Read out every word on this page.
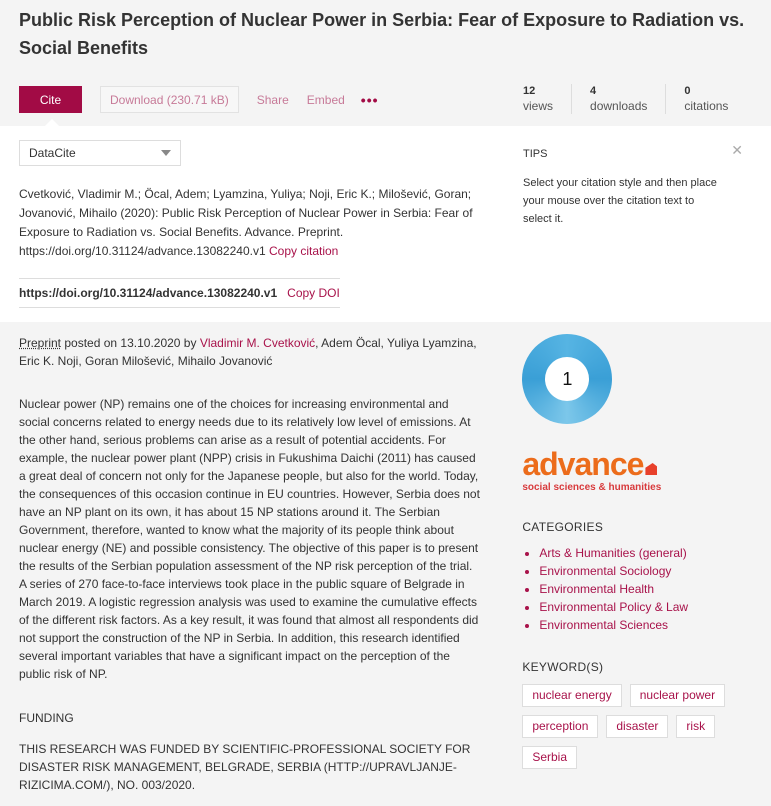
Public Risk Perception of Nuclear Power in Serbia: Fear of Exposure to Radiation vs. Social Benefits
Cite	Download (230.71 kB)	Share Embed •••
12
views
4
downloads
0
citations
DataCite
Cvetković, Vladimir M.; Öcal, Adem; Lyamzina, Yuliya; Noji, Eric K.; Milošević, Goran; Jovanović, Mihailo (2020): Public Risk Perception of Nuclear Power in Serbia: Fear of Exposure to Radiation vs. Social Benefits. Advance. Preprint. https://doi.org/10.31124/advance.13082240.v1 Copy citation
https://doi.org/10.31124/advance.13082240.v1 Copy DOI
TIPS

Select your citation style and then place your mouse over the citation text to select it.

✕
Preprint posted on 13.10.2020 by Vladimir M. Cvetković, Adem Öcal, Yuliya Lyamzina, Eric K. Noji, Goran Milošević, Mihailo Jovanović

Nuclear power (NP) remains one of the choices for increasing environmental and social concerns related to energy needs due to its relatively low level of emissions. At the other hand, serious problems can arise as a result of potential accidents. For example, the nuclear power plant (NPP) crisis in Fukushima Daichi (2011) has caused a great deal of concern not only for the Japanese people, but also for the world. Today, the consequences of this occasion continue in EU countries. However, Serbia does not have an NP plant on its own, it has about 15 NP stations around it. The Serbian Government, therefore, wanted to know what the majority of its people think about nuclear energy (NE) and possible consistency. The objective of this paper is to present the results of the Serbian population assessment of the NP risk perception of the trial. A series of 270 face-to-face interviews took place in the public square of Belgrade in March 2019. A logistic regression analysis was used to examine the cumulative effects of the different risk factors. As a key result, it was found that almost all respondents did not support the construction of the NP in Serbia. In addition, this research identified several important variables that have a significant impact on the perception of the public risk of NP.

FUNDING

THIS RESEARCH WAS FUNDED BY SCIENTIFIC-PROFESSIONAL SOCIETY FOR DISASTER RISK MANAGEMENT, BELGRADE, SERBIA (HTTP://UPRAVLJANJE-RIZICIMA.COM/), NO. 003/2020.

1
advance
social sciences & humanities
CATEGORIES
• Arts & Humanities (general)
• Environmental Sociology
• Environmental Health
• Environmental Policy & Law
• Environmental Sciences
KEYWORD(S)
nuclear energy	nuclear power
perception	disaster	risk
Serbia
